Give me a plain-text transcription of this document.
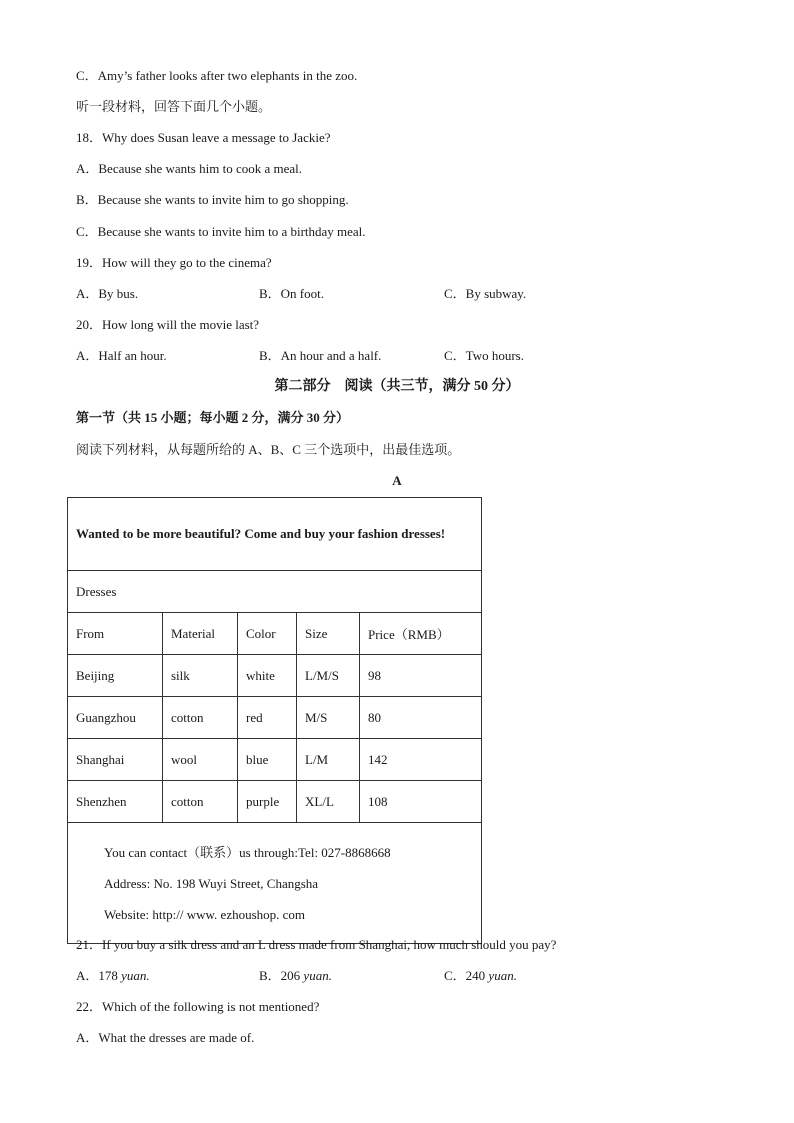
C．Amy’s father looks after two elephants in the zoo.
听一段材料，回答下面几个小题。
18．Why does Susan leave a message to Jackie?
A．Because she wants him to cook a meal.
B．Because she wants to invite him to go shopping.
C．Because she wants to invite him to a birthday meal.
19．How will they go to the cinema?
A．By bus.	B．On foot.	C．By subway.
20．How long will the movie last?
A．Half an hour.	B．An hour and a half.	C．Two hours.
第二部分　阅读（共三节，满分 50 分）
第一节（共 15 小题；每小题 2 分，满分 30 分）
阅读下列材料，从每题所给的 A、B、C 三个选项中，出最佳选项。
A
Wanted to be more beautiful? Come and buy your fashion dresses!				

Dresses				
From	Material	Color	Size	Price（RMB）
Beijing	silk	white	L/M/S	98
Guangzhou	cotton	red	M/S	80
Shanghai	wool	blue	L/M	142
Shenzhen	cotton	purple	XL/L	108

You can contact（联系）us through:Tel: 027-8868668
Address: No. 198 Wuyi Street, Changsha
Website: http:// www. ezhoushop. com				
21．If you buy a silk dress and an L dress made from Shanghai, how much should you pay?
A．178 yuan.	B．206 yuan.	C．240 yuan.
22．Which of the following is not mentioned?
A．What the dresses are made of.
